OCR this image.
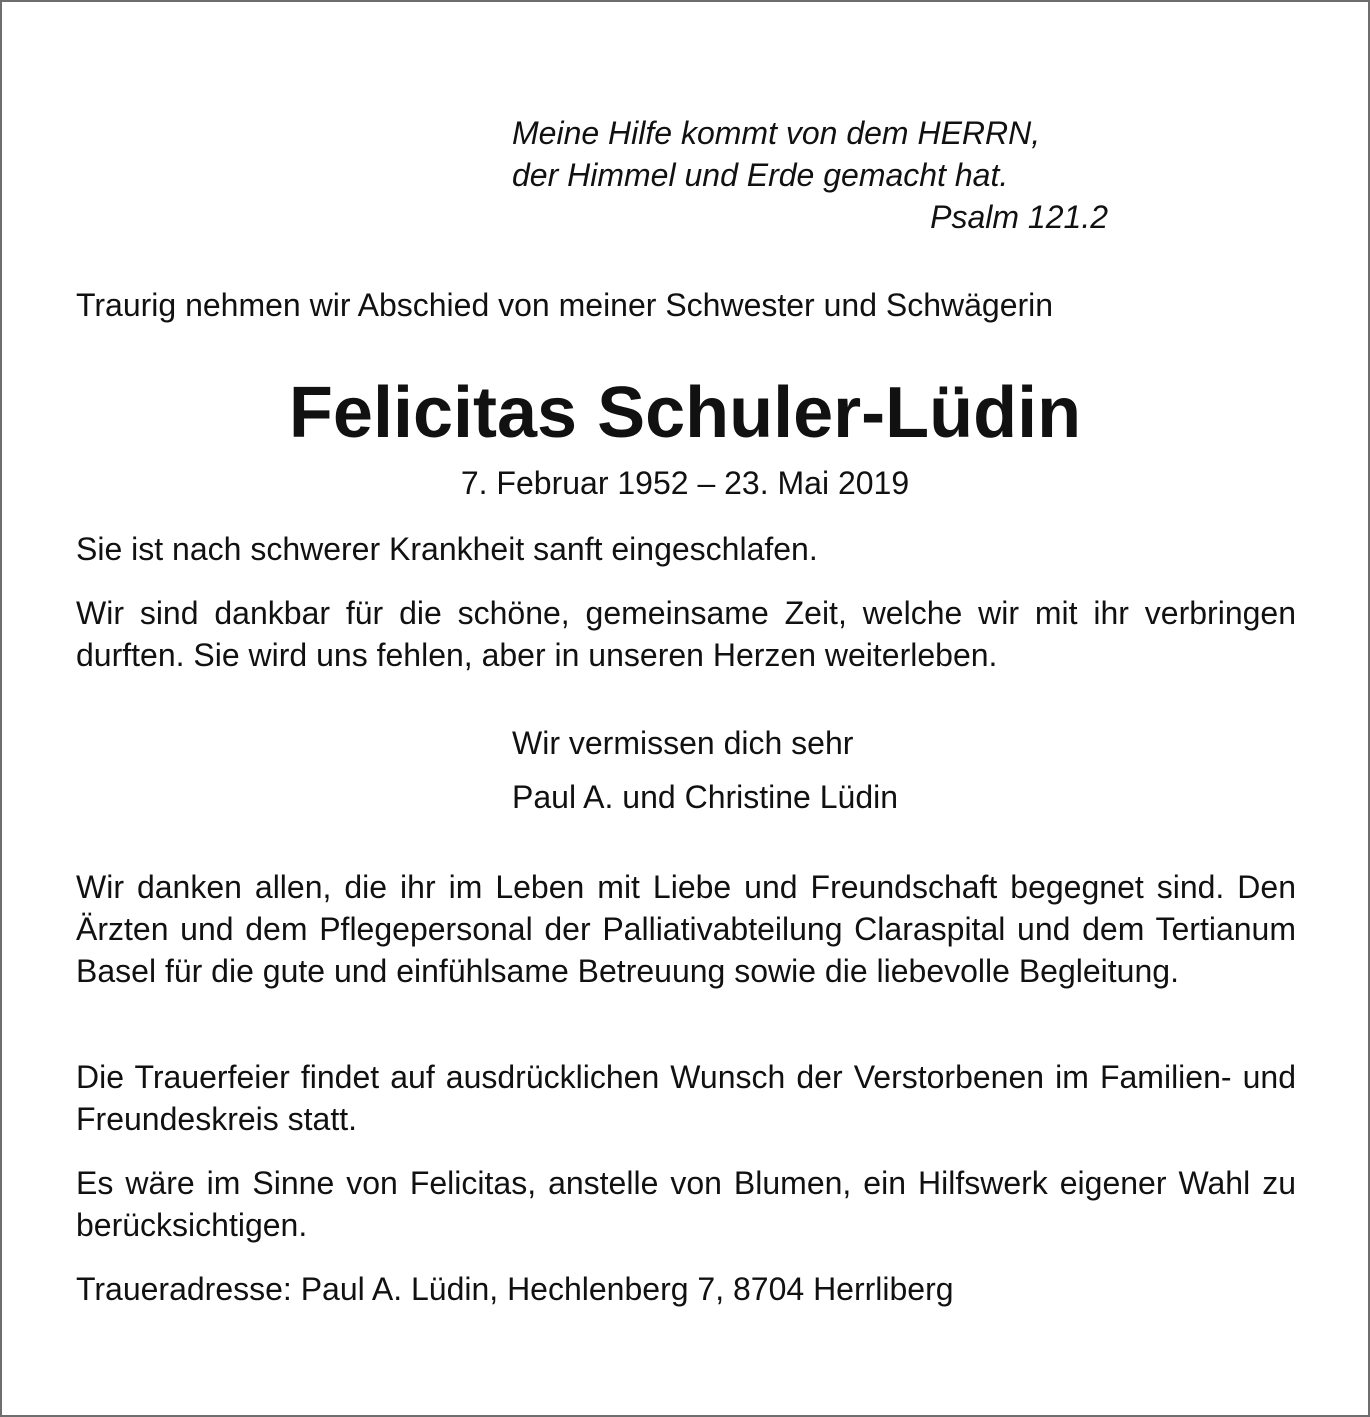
Meine Hilfe kommt von dem HERRN,

der Himmel und Erde gemacht hat.

Psalm 121.2

Traurig nehmen wir Abschied von meiner Schwester und Schwägerin

Felicitas Schuler-Lüdin

7. Februar 1952 – 23. Mai 2019

Sie ist nach schwerer Krankheit sanft eingeschlafen.

Wir sind dankbar für die schöne, gemeinsame Zeit, welche wir mit ihr verbringen durften. Sie wird uns fehlen, aber in unseren Herzen weiterleben.

Wir vermissen dich sehr

Paul A. und Christine Lüdin

Wir danken allen, die ihr im Leben mit Liebe und Freundschaft begegnet sind. Den Ärzten und dem Pflegepersonal der Palliativabteilung Claraspital und dem Tertianum Basel für die gute und einfühlsame Betreuung sowie die liebevolle Begleitung.

Die Trauerfeier findet auf ausdrücklichen Wunsch der Verstorbenen im Familien- und Freundeskreis statt.

Es wäre im Sinne von Felicitas, anstelle von Blumen, ein Hilfswerk eigener Wahl zu berücksichtigen.

Traueradresse: Paul A. Lüdin, Hechlenberg 7, 8704 Herrliberg
